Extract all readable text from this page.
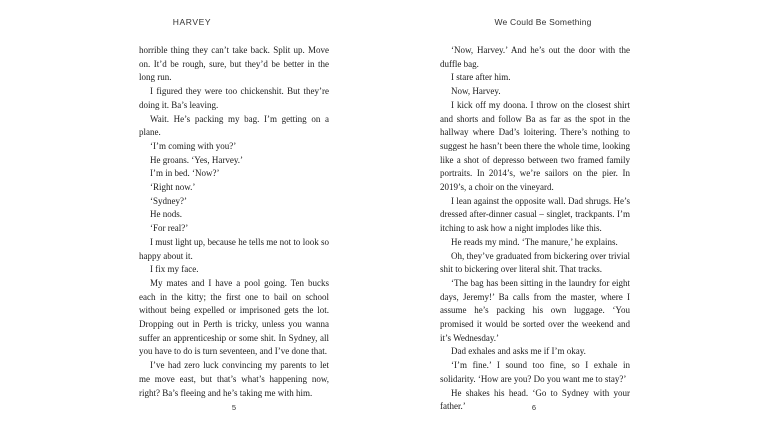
HARVEY

horrible thing they can’t take back. Split up. Move on. It’d be rough, sure, but they’d be better in the long run.

I figured they were too chickenshit. But they’re doing it. Ba’s leaving.

Wait. He’s packing my bag. I’m getting on a plane.

‘I’m coming with you?’

He groans. ‘Yes, Harvey.’

I’m in bed. ‘Now?’

‘Right now.’

‘Sydney?’

He nods.

‘For real?’

I must light up, because he tells me not to look so happy about it.

I fix my face.

My mates and I have a pool going. Ten bucks each in the kitty; the first one to bail on school without being expelled or imprisoned gets the lot. Dropping out in Perth is tricky, unless you wanna suffer an apprenticeship or some shit. In Sydney, all you have to do is turn seventeen, and I’ve done that.

I’ve had zero luck convincing my parents to let me move east, but that’s what’s happening now, right? Ba’s fleeing and he’s taking me with him.

5
We Could Be Something

‘Now, Harvey.’ And he’s out the door with the duffle bag.

I stare after him.

Now, Harvey.

I kick off my doona. I throw on the closest shirt and shorts and follow Ba as far as the spot in the hallway where Dad’s loitering. There’s nothing to suggest he hasn’t been there the whole time, looking like a shot of depresso between two framed family portraits. In 2014’s, we’re sailors on the pier. In 2019’s, a choir on the vineyard.

I lean against the opposite wall. Dad shrugs. He’s dressed after-dinner casual – singlet, trackpants. I’m itching to ask how a night implodes like this.

He reads my mind. ‘The manure,’ he explains.

Oh, they’ve graduated from bickering over trivial shit to bickering over literal shit. That tracks.

‘The bag has been sitting in the laundry for eight days, Jeremy!’ Ba calls from the master, where I assume he’s packing his own luggage. ‘You promised it would be sorted over the weekend and it’s Wednesday.’

Dad exhales and asks me if I’m okay.

‘I’m fine.’ I sound too fine, so I exhale in solidarity. ‘How are you? Do you want me to stay?’

He shakes his head. ‘Go to Sydney with your father.’	6
